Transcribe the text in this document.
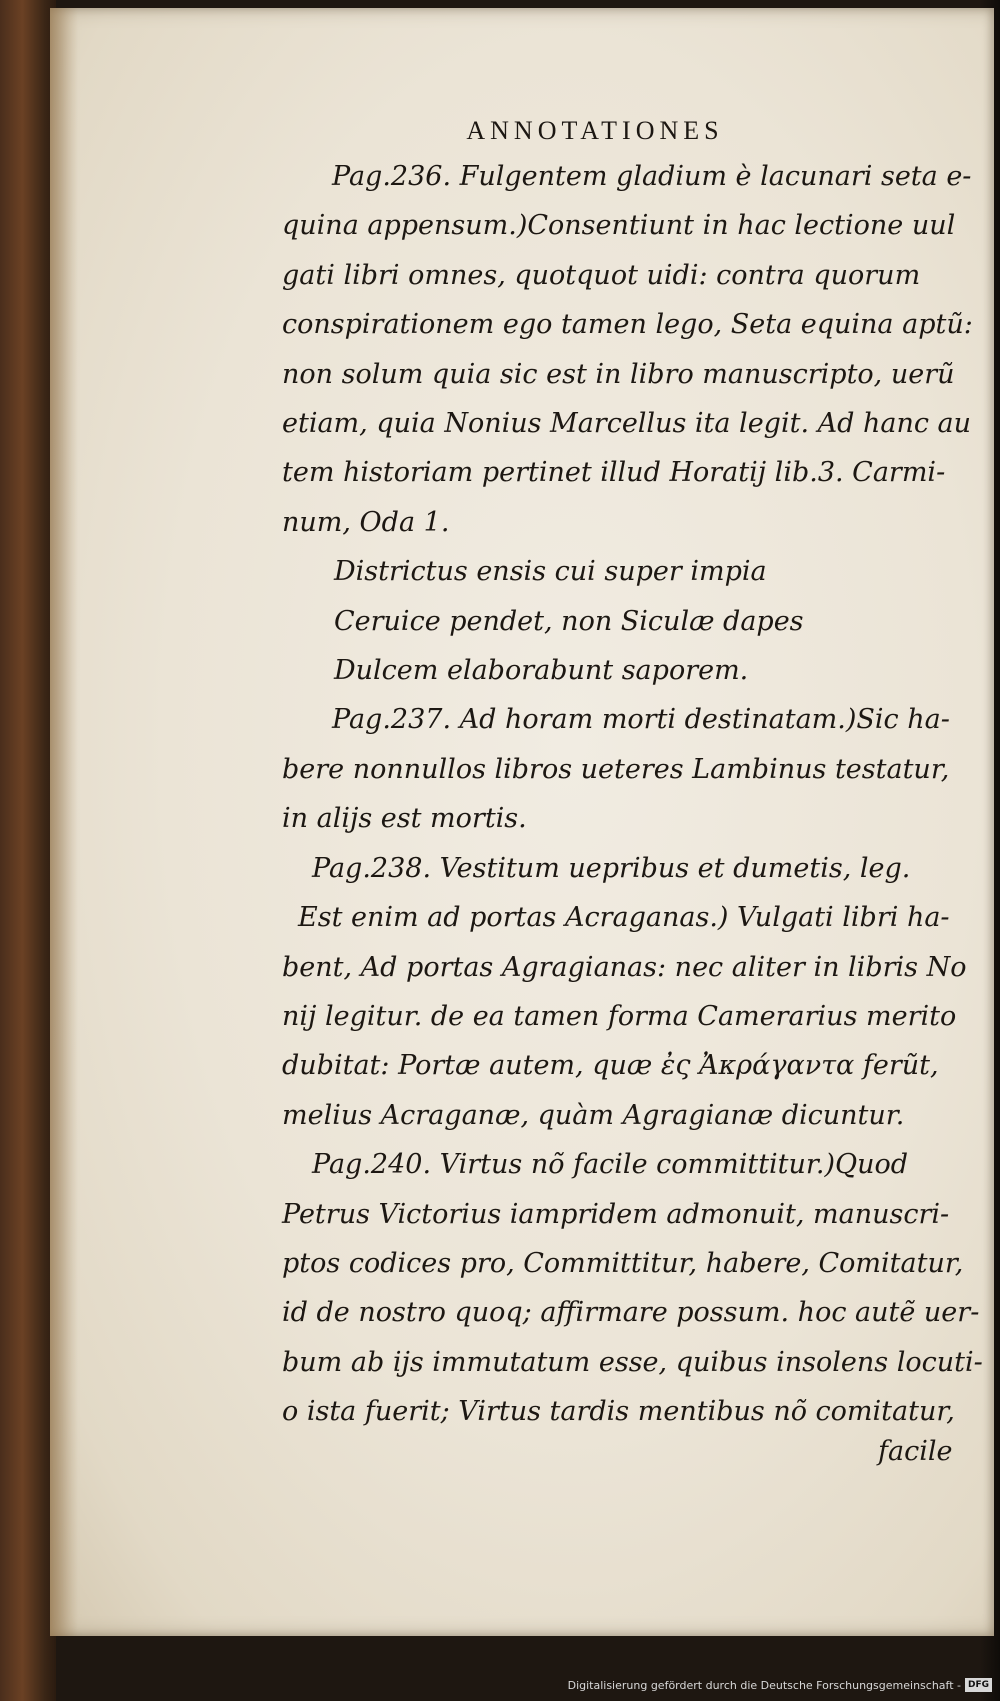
ANNOTATIONES
Pag.236. Fulgentem gladium è lacunari seta e-
quina appensum.)Consentiunt in hac lectione uul
gati libri omnes, quotquot uidi: contra quorum
conspirationem ego tamen lego, Seta equina aptũ:
non solum quia sic est in libro manuscripto, uerũ
etiam, quia Nonius Marcellus ita legit. Ad hanc au
tem historiam pertinet illud Horatij lib.3. Carmi-
num, Oda 1.
Districtus ensis cui super impia
Ceruice pendet, non Siculæ dapes
Dulcem elaborabunt saporem.
Pag.237. Ad horam morti destinatam.)Sic ha-
bere nonnullos libros ueteres Lambinus testatur,
in alijs est mortis.
Pag.238. Vestitum uepribus et dumetis, leg.
Est enim ad portas Acraganas.) Vulgati libri ha-
bent, Ad portas Agragianas: nec aliter in libris No
nij legitur. de ea tamen forma Camerarius merito
dubitat: Portæ autem, quæ ἐς Ἀκράγαντα ferũt,
melius Acraganæ, quàm Agragianæ dicuntur.
Pag.240. Virtus nõ facile committitur.)Quod
Petrus Victorius iampridem admonuit, manuscri-
ptos codices pro, Committitur, habere, Comitatur,
id de nostro quoq; affirmare possum. hoc autẽ uer-
bum ab ijs immutatum esse, quibus insolens locuti-
o ista fuerit; Virtus tardis mentibus nõ comitatur,
facile
Digitalisierung gefördert durch die Deutsche Forschungsgemeinschaft - DFG
